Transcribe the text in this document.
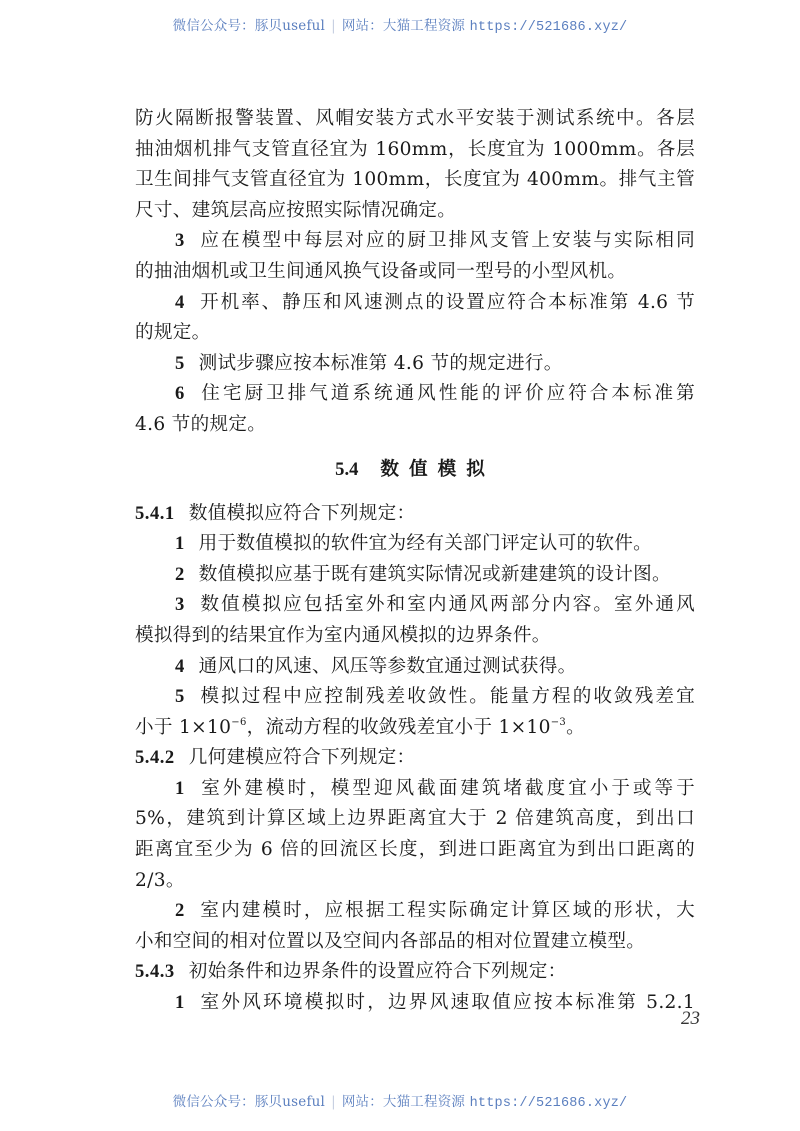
微信公众号：豚贝useful | 网站：大猫工程资源 https://521686.xyz/
防火隔断报警装置、风帽安装方式水平安装于测试系统中。各层
抽油烟机排气支管直径宜为 160mm，长度宜为 1000mm。各层
卫生间排气支管直径宜为 100mm，长度宜为 400mm。排气主管
尺寸、建筑层高应按照实际情况确定。
3 应在模型中每层对应的厨卫排风支管上安装与实际相同
的抽油烟机或卫生间通风换气设备或同一型号的小型风机。
4 开机率、静压和风速测点的设置应符合本标准第 4.6 节
的规定。
5 测试步骤应按本标准第 4.6 节的规定进行。
6 住宅厨卫排气道系统通风性能的评价应符合本标准第
4.6 节的规定。
5.4 数值模拟
5.4.1 数值模拟应符合下列规定：
1 用于数值模拟的软件宜为经有关部门评定认可的软件。
2 数值模拟应基于既有建筑实际情况或新建建筑的设计图。
3 数值模拟应包括室外和室内通风两部分内容。室外通风
模拟得到的结果宜作为室内通风模拟的边界条件。
4 通风口的风速、风压等参数宜通过测试获得。
5 模拟过程中应控制残差收敛性。能量方程的收敛残差宜
小于 $1\times 10^{-6}$，流动方程的收敛残差宜小于 $1\times 10^{-3}$。
5.4.2 几何建模应符合下列规定：
1 室外建模时，模型迎风截面建筑堵截度宜小于或等于
5%，建筑到计算区域上边界距离宜大于 2 倍建筑高度，到出口
距离宜至少为 6 倍的回流区长度，到进口距离宜为到出口距离的
2/3。
2 室内建模时，应根据工程实际确定计算区域的形状，大
小和空间的相对位置以及空间内各部品的相对位置建立模型。
5.4.3 初始条件和边界条件的设置应符合下列规定：
1 室外风环境模拟时，边界风速取值应按本标准第 5.2.1
23
微信公众号：豚贝useful | 网站：大猫工程资源 https://521686.xyz/
